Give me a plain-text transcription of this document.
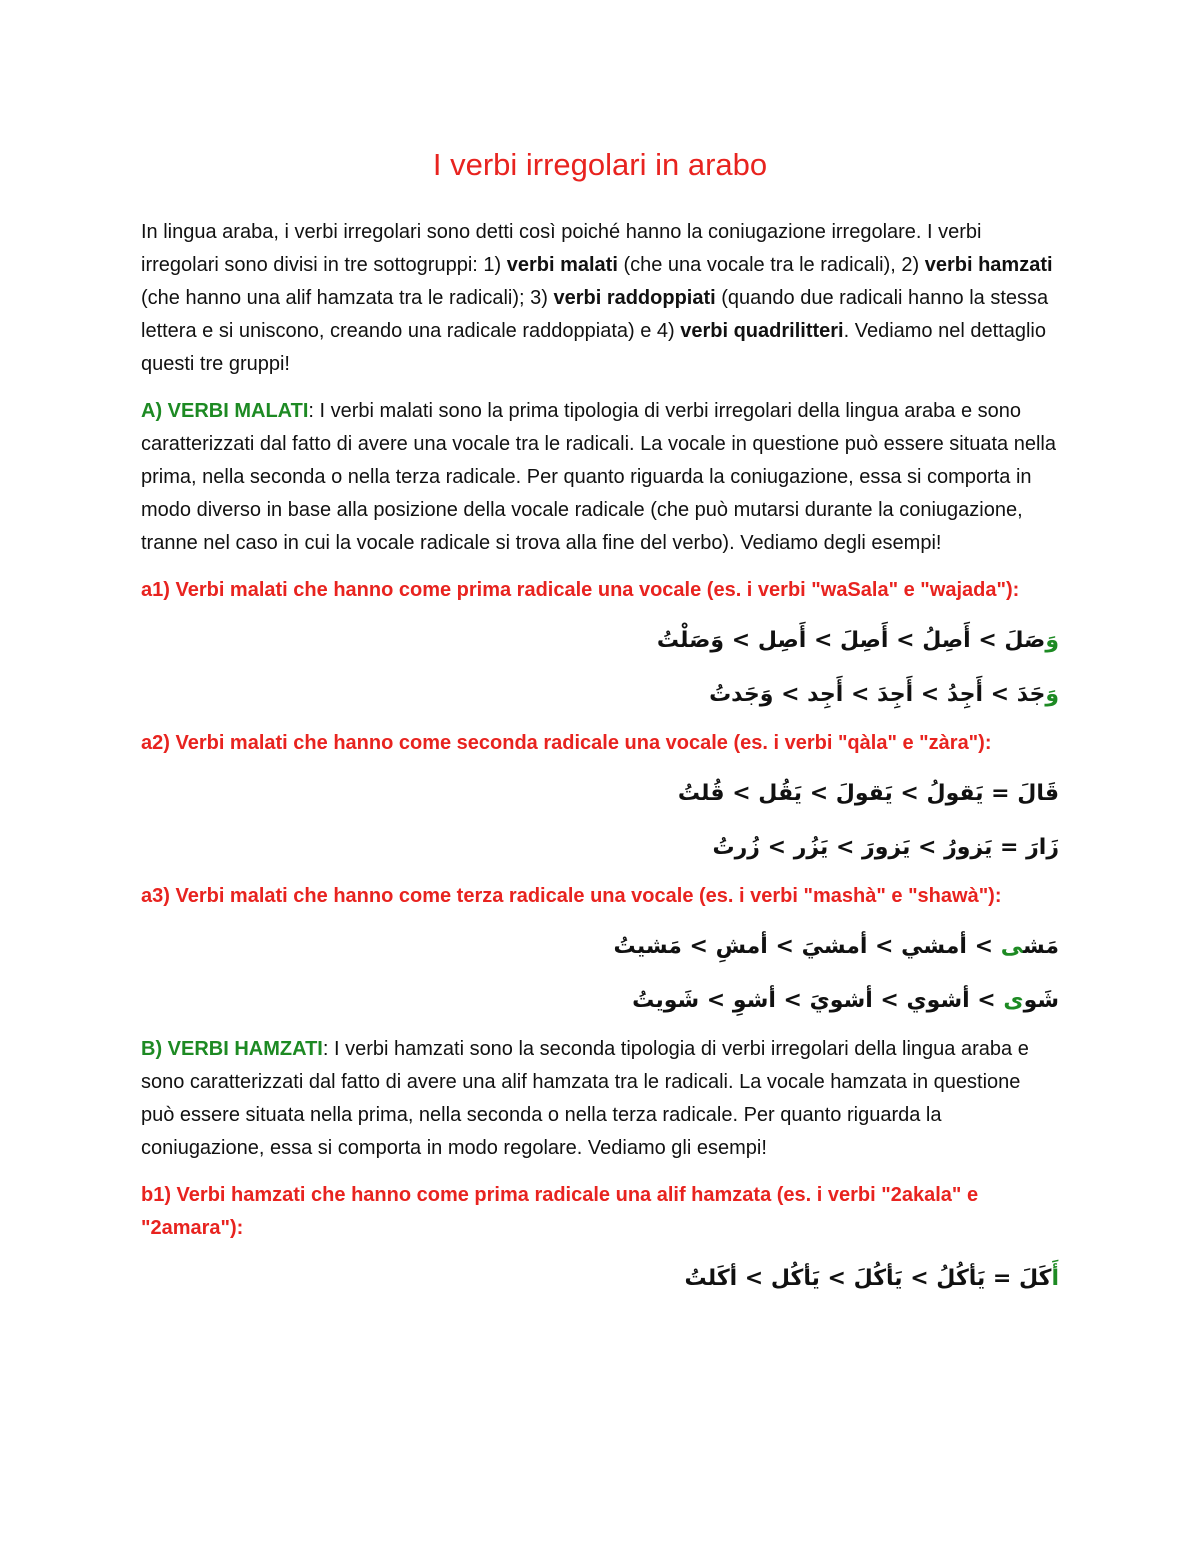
I verbi irregolari in arabo

In lingua araba, i verbi irregolari sono detti così poiché hanno la coniugazione irregolare. I verbi irregolari sono divisi in tre sottogruppi: 1) verbi malati (che una vocale tra le radicali), 2) verbi hamzati (che hanno una alif hamzata tra le radicali); 3) verbi raddoppiati (quando due radicali hanno la stessa lettera e si uniscono, creando una radicale raddoppiata) e 4) verbi quadrilitteri. Vediamo nel dettaglio questi tre gruppi!

A) VERBI MALATI: I verbi malati sono la prima tipologia di verbi irregolari della lingua araba e sono caratterizzati dal fatto di avere una vocale tra le radicali. La vocale in questione può essere situata nella prima, nella seconda o nella terza radicale. Per quanto riguarda la coniugazione, essa si comporta in modo diverso in base alla posizione della vocale radicale (che può mutarsi durante la coniugazione, tranne nel caso in cui la vocale radicale si trova alla fine del verbo). Vediamo degli esempi!

a1) Verbi malati che hanno come prima radicale una vocale (es. i verbi "waSala" e "wajada"):
وَصَلَ > أَصِلُ > أَصِلَ > أَصِل > وَصَلْتُ
وَجَدَ > أَجِدُ > أَجِدَ > أَجِد > وَجَدتُ
a2) Verbi malati che hanno come seconda radicale una vocale (es. i verbi "qàla" e "zàra"):
قَالَ = يَقولُ > يَقولَ > يَقُل > قُلتُ
زَارَ = يَزورُ > يَزورَ > يَزُر > زُرتُ
a3) Verbi malati che hanno come terza radicale una vocale (es. i verbi "mashà" e "shawà"):
مَشى > أمشي > أمشيَ > أمشِ > مَشيتُ
شَوى > أشوي > أشويَ > أشوِ > شَويتُ

B) VERBI HAMZATI: I verbi hamzati sono la seconda tipologia di verbi irregolari della lingua araba e sono caratterizzati dal fatto di avere una alif hamzata tra le radicali. La vocale hamzata in questione può essere situata nella prima, nella seconda o nella terza radicale. Per quanto riguarda la coniugazione, essa si comporta in modo regolare. Vediamo gli esempi!

b1) Verbi hamzati che hanno come prima radicale una alif hamzata (es. i verbi "2akala" e "2amara"):
أَكَلَ = يَأكُلُ > يَأكُلَ > يَأكُل > أكَلتُ
